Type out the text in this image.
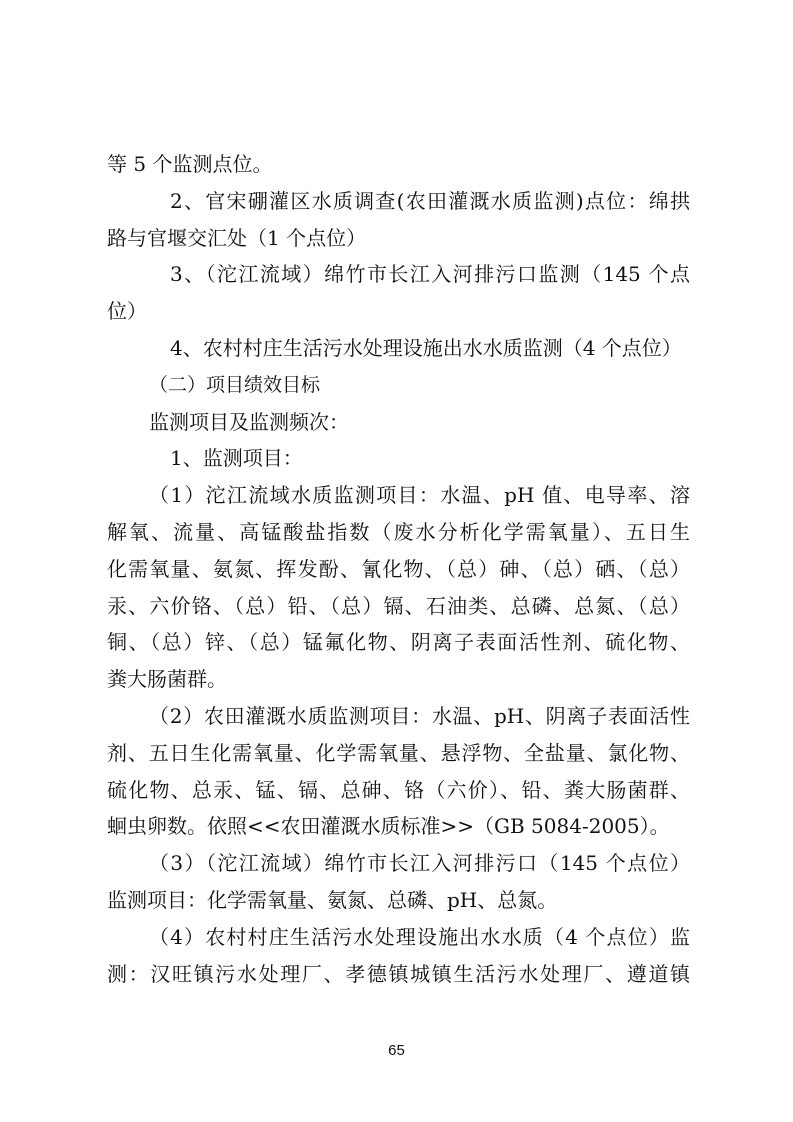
等 5 个监测点位。
2、官宋硼灌区水质调查(农田灌溉水质监测)点位：绵拱
路与官堰交汇处（1 个点位）
3、（沱江流域）绵竹市长江入河排污口监测（145 个点
位）
4、农村村庄生活污水处理设施出水水质监测（4 个点位）
（二）项目绩效目标
监测项目及监测频次：
1、监测项目：
（1）沱江流域水质监测项目：水温、pH 值、电导率、溶
解氧、流量、高锰酸盐指数（废水分析化学需氧量）、五日生
化需氧量、氨氮、挥发酚、氰化物、（总）砷、（总）硒、（总）
汞、六价铬、（总）铅、（总）镉、石油类、总磷、总氮、（总）
铜、（总）锌、（总）锰氟化物、阴离子表面活性剂、硫化物、
粪大肠菌群。
（2）农田灌溉水质监测项目：水温、pH、阴离子表面活性
剂、五日生化需氧量、化学需氧量、悬浮物、全盐量、氯化物、
硫化物、总汞、锰、镉、总砷、铬（六价）、铅、粪大肠菌群、
蛔虫卵数。依照<<农田灌溉水质标准>>（GB 5084-2005）。
（3）（沱江流域）绵竹市长江入河排污口（145 个点位）
监测项目：化学需氧量、氨氮、总磷、pH、总氮。
（4）农村村庄生活污水处理设施出水水质（4 个点位）监
测：汉旺镇污水处理厂、孝德镇城镇生活污水处理厂、遵道镇
65
